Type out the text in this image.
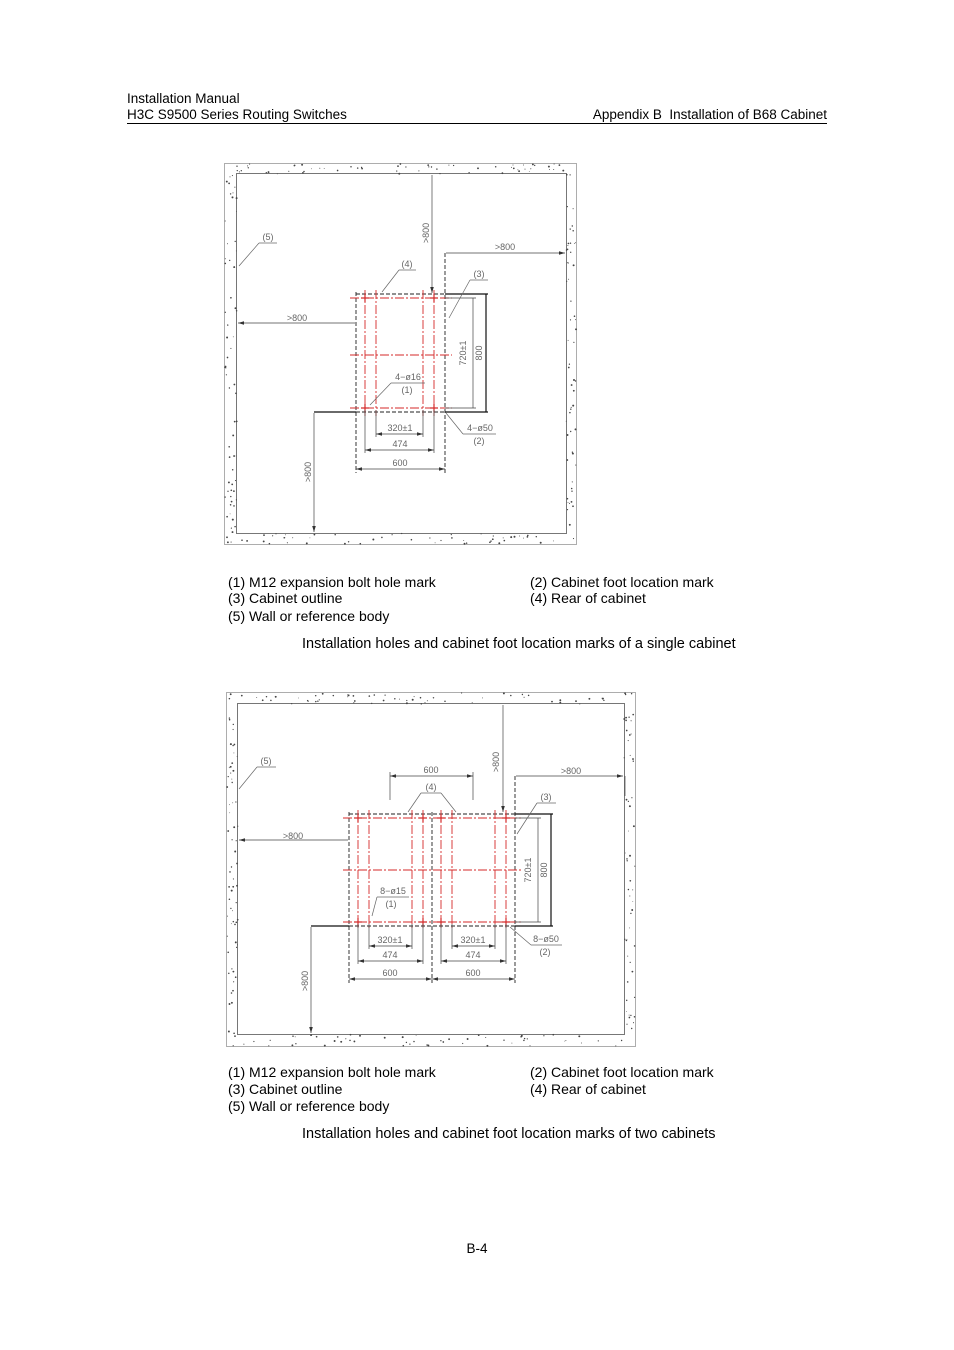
Installation Manual
H3C S9500 Series Routing Switches	Appendix B  Installation of B68 Cabinet
720±1 800
>800
>800
>800
>800
(5)
(4)
(3)
4−ø16
(1)
4−ø50
(2)
320±1
474
600
(1) M12 expansion bolt hole mark	(2) Cabinet foot location mark
(3) Cabinet outline	(4) Rear of cabinet
(5) Wall or reference body
Installation holes and cabinet foot location marks of a single cabinet
720±1 800
>800	>800
>800
>800
600
(4)
(3)
(5)
8−ø15
(1)
8−ø50
(2)
320±1	320±1
474	474
600	600
(1) M12 expansion bolt hole mark	(2) Cabinet foot location mark
(3) Cabinet outline	(4) Rear of cabinet
(5) Wall or reference body
Installation holes and cabinet foot location marks of two cabinets
B-4
